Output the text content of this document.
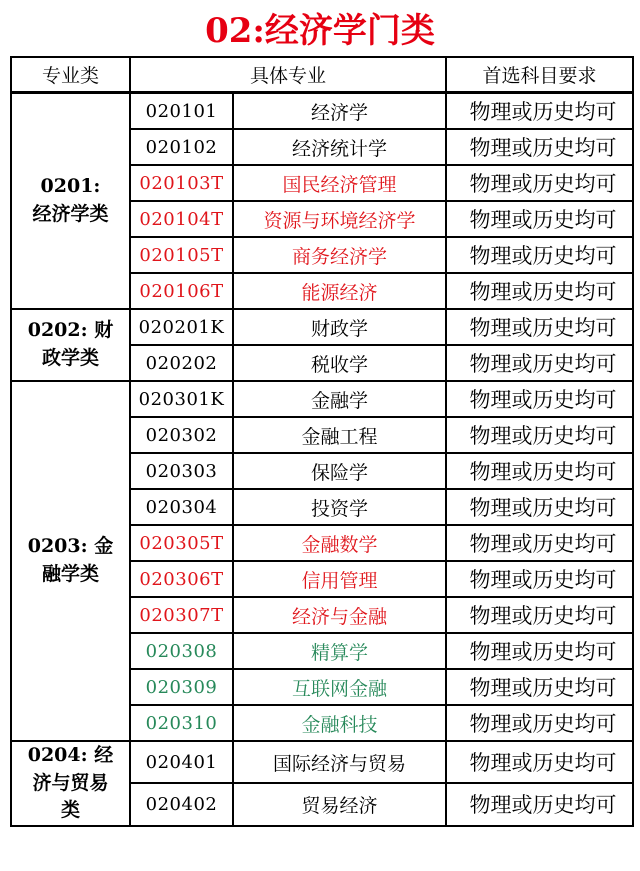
02:经济学门类
专业类	具体专业		首选科目要求
0201:
经济学类	020101	经济学	物理或历史均可
	020102	经济统计学	物理或历史均可
	020103T	国民经济管理	物理或历史均可
	020104T	资源与环境经济学	物理或历史均可
	020105T	商务经济学	物理或历史均可
	020106T	能源经济	物理或历史均可
0202: 财
政学类	020201K	财政学	物理或历史均可
	020202	税收学	物理或历史均可
0203: 金
融学类	020301K	金融学	物理或历史均可
	020302	金融工程	物理或历史均可
	020303	保险学	物理或历史均可
	020304	投资学	物理或历史均可
	020305T	金融数学	物理或历史均可
	020306T	信用管理	物理或历史均可
	020307T	经济与金融	物理或历史均可
	020308	精算学	物理或历史均可
	020309	互联网金融	物理或历史均可
	020310	金融科技	物理或历史均可
0204: 经
济与贸易
类	020401	国际经济与贸易	物理或历史均可
	020402	贸易经济	物理或历史均可
